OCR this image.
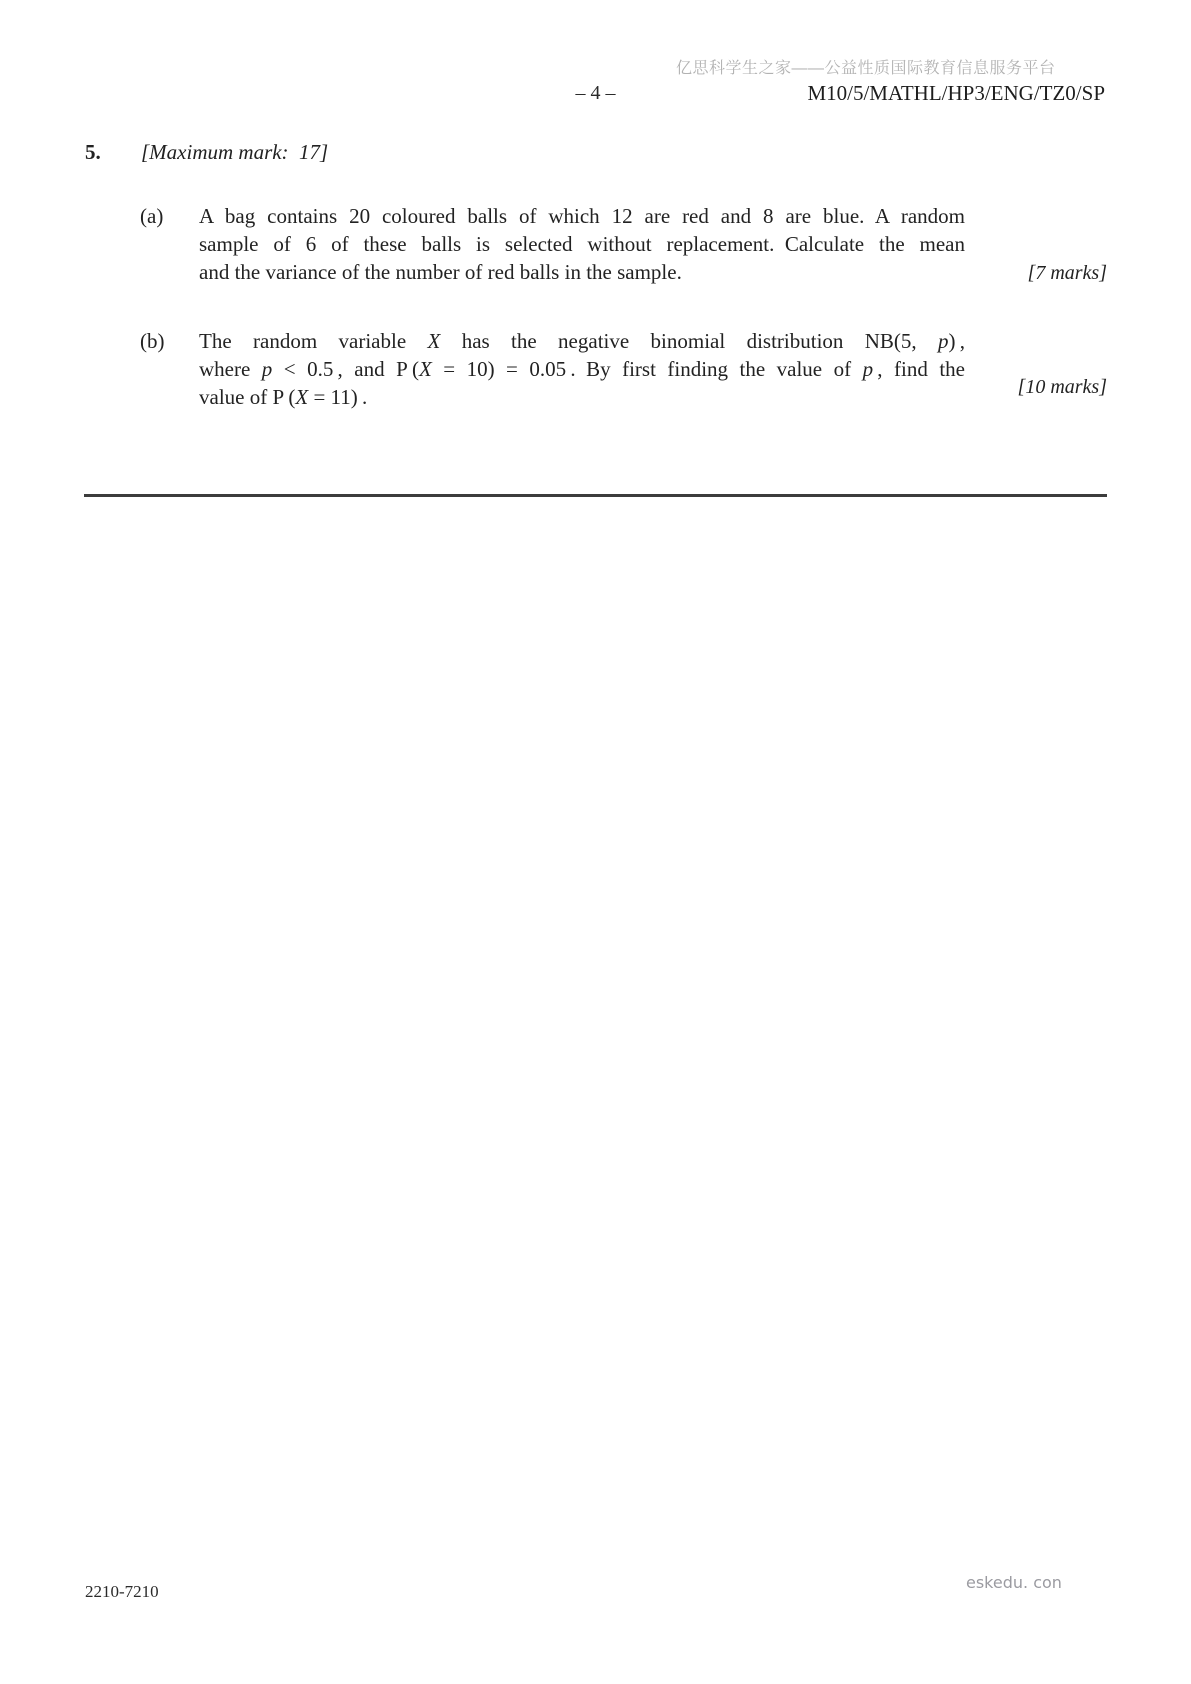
亿思科学生之家——公益性质国际教育信息服务平台
– 4 –	M10/5/MATHL/HP3/ENG/TZ0/SP
5. [Maximum mark: 17]
(a) A bag contains 20 coloured balls of which 12 are red and 8 are blue. A random
sample of 6 of these balls is selected without replacement. Calculate the mean
and the variance of the number of red balls in the sample.	[7 marks]
(b) The random variable X has the negative binomial distribution NB(5, p) ,
where p < 0.5 , and P (X = 10) = 0.05 . By first finding the value of p , find the
value of P (X = 11) .	[10 marks]
2210-7210	eskedu. con
